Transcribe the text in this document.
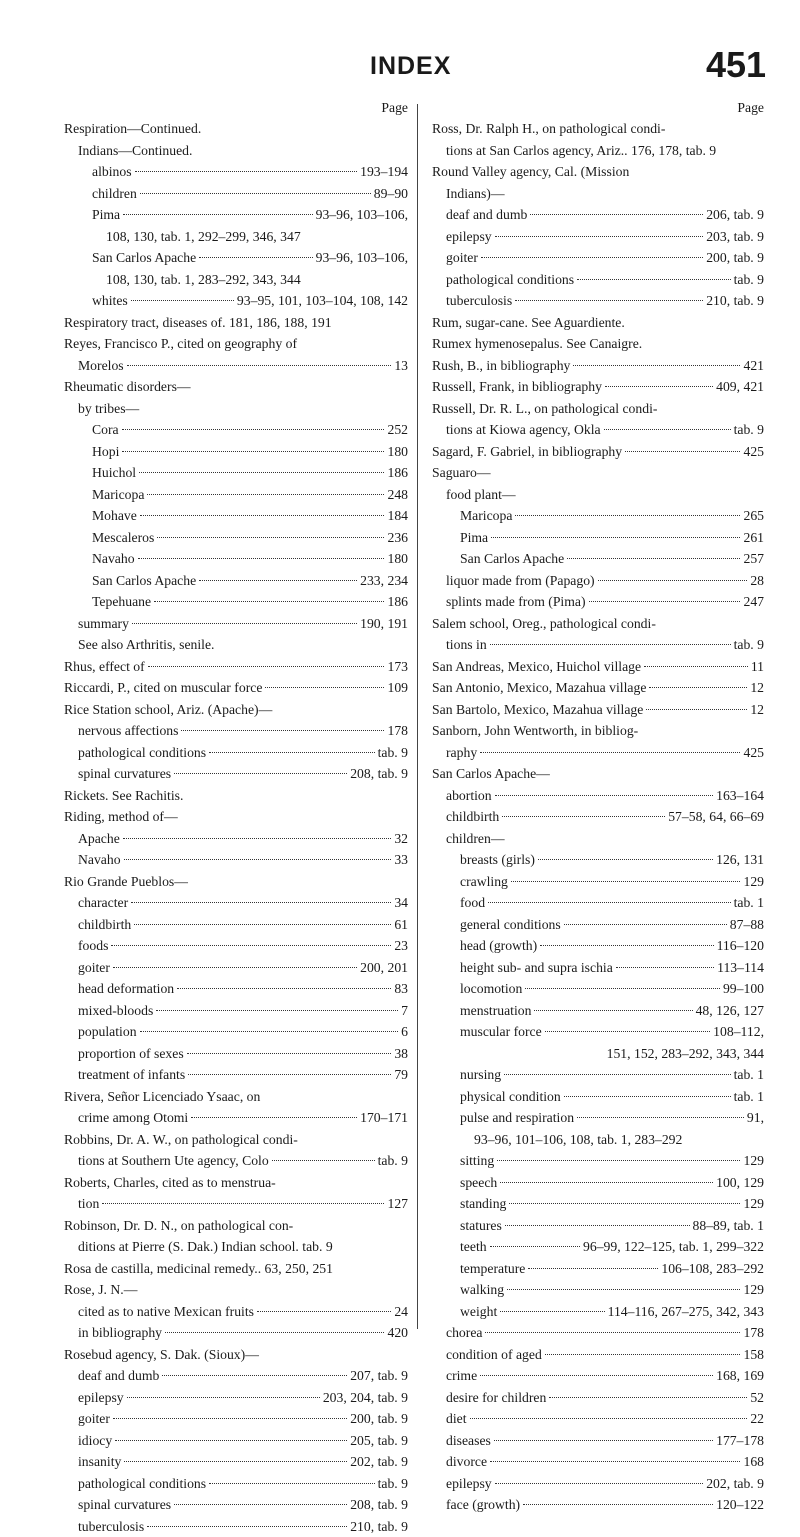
INDEX	451
Page
Respiration—Continued.
Indians—Continued.
albinos	193–194
children	89–90
Pima	93–96, 103–106,
108, 130, tab. 1, 292–299, 346, 347
San Carlos Apache	93–96, 103–106,
108, 130, tab. 1, 283–292, 343, 344
whites	93–95, 101, 103–104, 108, 142
Respiratory tract, diseases of. 181, 186, 188, 191
Reyes, Francisco P., cited on geography of
Morelos	13
Rheumatic disorders—
by tribes—
Cora	252
Hopi	180
Huichol	186
Maricopa	248
Mohave	184
Mescaleros	236
Navaho	180
San Carlos Apache	233, 234
Tepehuane	186
summary	190, 191
See also Arthritis, senile.
Rhus, effect of	173
Riccardi, P., cited on muscular force	109
Rice Station school, Ariz. (Apache)—
nervous affections	178
pathological conditions	tab. 9
spinal curvatures	208, tab. 9
Rickets. See Rachitis.
Riding, method of—
Apache	32
Navaho	33
Rio Grande Pueblos—
character	34
childbirth	61
foods	23
goiter	200, 201
head deformation	83
mixed-bloods	7
population	6
proportion of sexes	38
treatment of infants	79
Rivera, Señor Licenciado Ysaac, on
crime among Otomi	170–171
Robbins, Dr. A. W., on pathological condi-
tions at Southern Ute agency, Colo	tab. 9
Roberts, Charles, cited as to menstrua-
tion	127
Robinson, Dr. D. N., on pathological con-
ditions at Pierre (S. Dak.) Indian school. tab. 9
Rosa de castilla, medicinal remedy.. 63, 250, 251
Rose, J. N.—
cited as to native Mexican fruits	24
in bibliography	420
Rosebud agency, S. Dak. (Sioux)—
deaf and dumb	207, tab. 9
epilepsy	203, 204, tab. 9
goiter	200, tab. 9
idiocy	205, tab. 9
insanity	202, tab. 9
pathological conditions	tab. 9
spinal curvatures	208, tab. 9
tuberculosis	210, tab. 9
Page
Ross, Dr. Ralph H., on pathological condi-
tions at San Carlos agency, Ariz.. 176, 178, tab. 9
Round Valley agency, Cal. (Mission
Indians)—
deaf and dumb	206, tab. 9
epilepsy	203, tab. 9
goiter	200, tab. 9
pathological conditions	tab. 9
tuberculosis	210, tab. 9
Rum, sugar-cane. See Aguardiente.
Rumex hymenosepalus. See Canaigre.
Rush, B., in bibliography	421
Russell, Frank, in bibliography	409, 421
Russell, Dr. R. L., on pathological condi-
tions at Kiowa agency, Okla	tab. 9
Sagard, F. Gabriel, in bibliography	425
Saguaro—
food plant—
Maricopa	265
Pima	261
San Carlos Apache	257
liquor made from (Papago)	28
splints made from (Pima)	247
Salem school, Oreg., pathological condi-
tions in	tab. 9
San Andreas, Mexico, Huichol village	11
San Antonio, Mexico, Mazahua village	12
San Bartolo, Mexico, Mazahua village	12
Sanborn, John Wentworth, in bibliog-
raphy	425
San Carlos Apache—
abortion	163–164
childbirth	57–58, 64, 66–69
children—
breasts (girls)	126, 131
crawling	129
food	tab. 1
general conditions	87–88
head (growth)	116–120
height sub- and supra ischia	113–114
locomotion	99–100
menstruation	48, 126, 127
muscular force	108–112,
151, 152, 283–292, 343, 344
nursing	tab. 1
physical condition	tab. 1
pulse and respiration	91,
93–96, 101–106, 108, tab. 1, 283–292
sitting	129
speech	100, 129
standing	129
statures	88–89, tab. 1
teeth	96–99, 122–125, tab. 1, 299–322
temperature	106–108, 283–292
walking	129
weight	114–116, 267–275, 342, 343
chorea	178
condition of aged	158
crime	168, 169
desire for children	52
diet	22
diseases	177–178
divorce	168
epilepsy	202, tab. 9
face (growth)	120–122
